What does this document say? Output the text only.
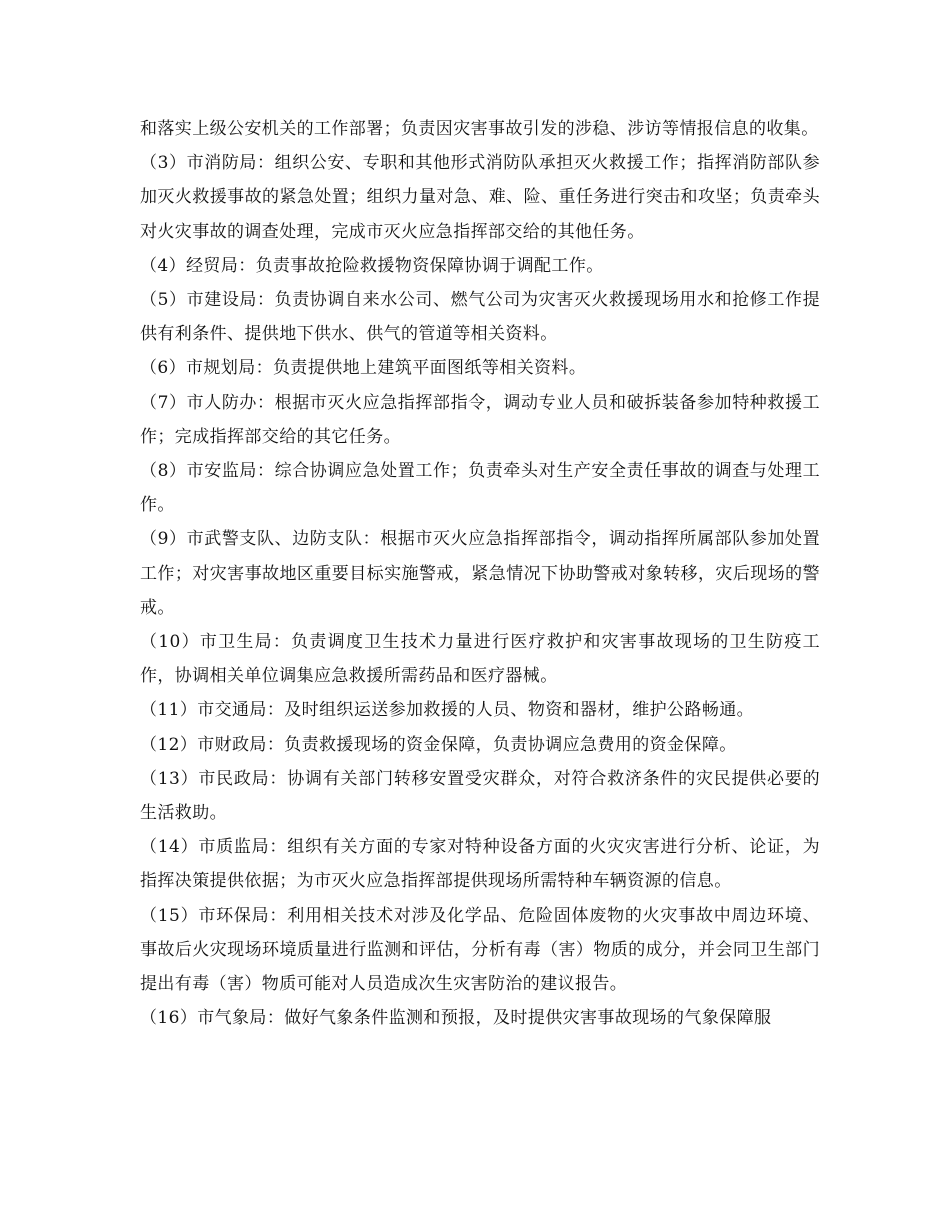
和落实上级公安机关的工作部署；负责因灾害事故引发的涉稳、涉访等情报信息的收集。

（3）市消防局：组织公安、专职和其他形式消防队承担灭火救援工作；指挥消防部队参加灭火救援事故的紧急处置；组织力量对急、难、险、重任务进行突击和攻坚；负责牵头对火灾事故的调查处理，完成市灭火应急指挥部交给的其他任务。

（4）经贸局：负责事故抢险救援物资保障协调于调配工作。

（5）市建设局：负责协调自来水公司、燃气公司为灾害灭火救援现场用水和抢修工作提供有利条件、提供地下供水、供气的管道等相关资料。

（6）市规划局：负责提供地上建筑平面图纸等相关资料。

（7）市人防办：根据市灭火应急指挥部指令，调动专业人员和破拆装备参加特种救援工作；完成指挥部交给的其它任务。

（8）市安监局：综合协调应急处置工作；负责牵头对生产安全责任事故的调查与处理工作。

（9）市武警支队、边防支队：根据市灭火应急指挥部指令，调动指挥所属部队参加处置工作；对灾害事故地区重要目标实施警戒，紧急情况下协助警戒对象转移，灾后现场的警戒。

（10）市卫生局：负责调度卫生技术力量进行医疗救护和灾害事故现场的卫生防疫工作，协调相关单位调集应急救援所需药品和医疗器械。

（11）市交通局：及时组织运送参加救援的人员、物资和器材，维护公路畅通。

（12）市财政局：负责救援现场的资金保障，负责协调应急费用的资金保障。

（13）市民政局：协调有关部门转移安置受灾群众，对符合救济条件的灾民提供必要的生活救助。

（14）市质监局：组织有关方面的专家对特种设备方面的火灾灾害进行分析、论证，为指挥决策提供依据；为市灭火应急指挥部提供现场所需特种车辆资源的信息。

（15）市环保局：利用相关技术对涉及化学品、危险固体废物的火灾事故中周边环境、事故后火灾现场环境质量进行监测和评估，分析有毒（害）物质的成分，并会同卫生部门提出有毒（害）物质可能对人员造成次生灾害防治的建议报告。

（16）市气象局：做好气象条件监测和预报，及时提供灾害事故现场的气象保障服
